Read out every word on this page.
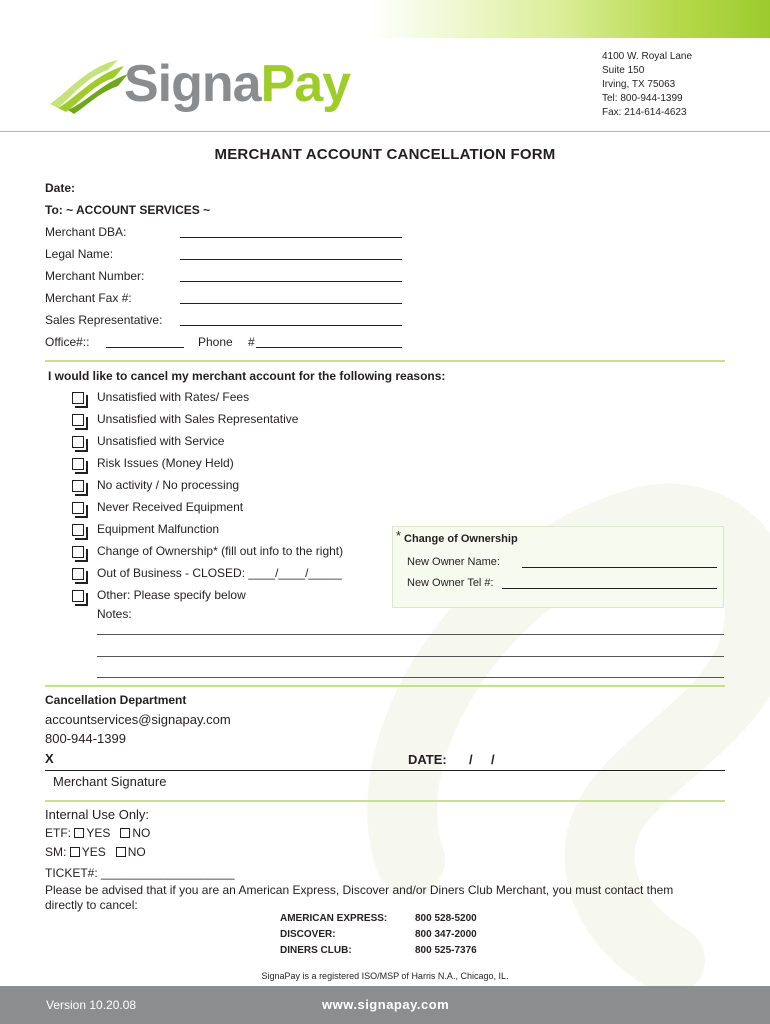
SignaPay	4100 W. Royal Lane
Suite 150
Irving, TX 75063
Tel: 800-944-1399
Fax: 214-614-4623
MERCHANT ACCOUNT CANCELLATION FORM
Date:
To: ~ ACCOUNT SERVICES ~
Merchant DBA:
Legal Name:
Merchant Number:
Merchant Fax #:
Sales Representative:
Office#::	Phone #
I would like to cancel my merchant account for the following reasons:
Unsatisfied with Rates/ Fees
Unsatisfied with Sales Representative
Unsatisfied with Service
Risk Issues (Money Held)
No activity / No processing
Never Received Equipment
Equipment Malfunction
Change of Ownership* (fill out info to the right)
Out of Business - CLOSED: ____/____/_____
Other: Please specify below
Notes:
* Change of Ownership
New Owner Name:
New Owner Tel #:
Cancellation Department
accountservices@signapay.com
800-944-1399
X	DATE: / /
Merchant Signature
Internal Use Only:
ETF: YES NO
SM: YES NO
TICKET#: ____________________
Please be advised that if you are an American Express, Discover and/or Diners Club Merchant, you must contact them
directly to cancel:
AMERICAN EXPRESS:	800 528-5200
DISCOVER:	800 347-2000
DINERS CLUB:	800 525-7376
SignaPay is a registered ISO/MSP of Harris N.A., Chicago, IL.
Version 10.20.08	www.signapay.com
